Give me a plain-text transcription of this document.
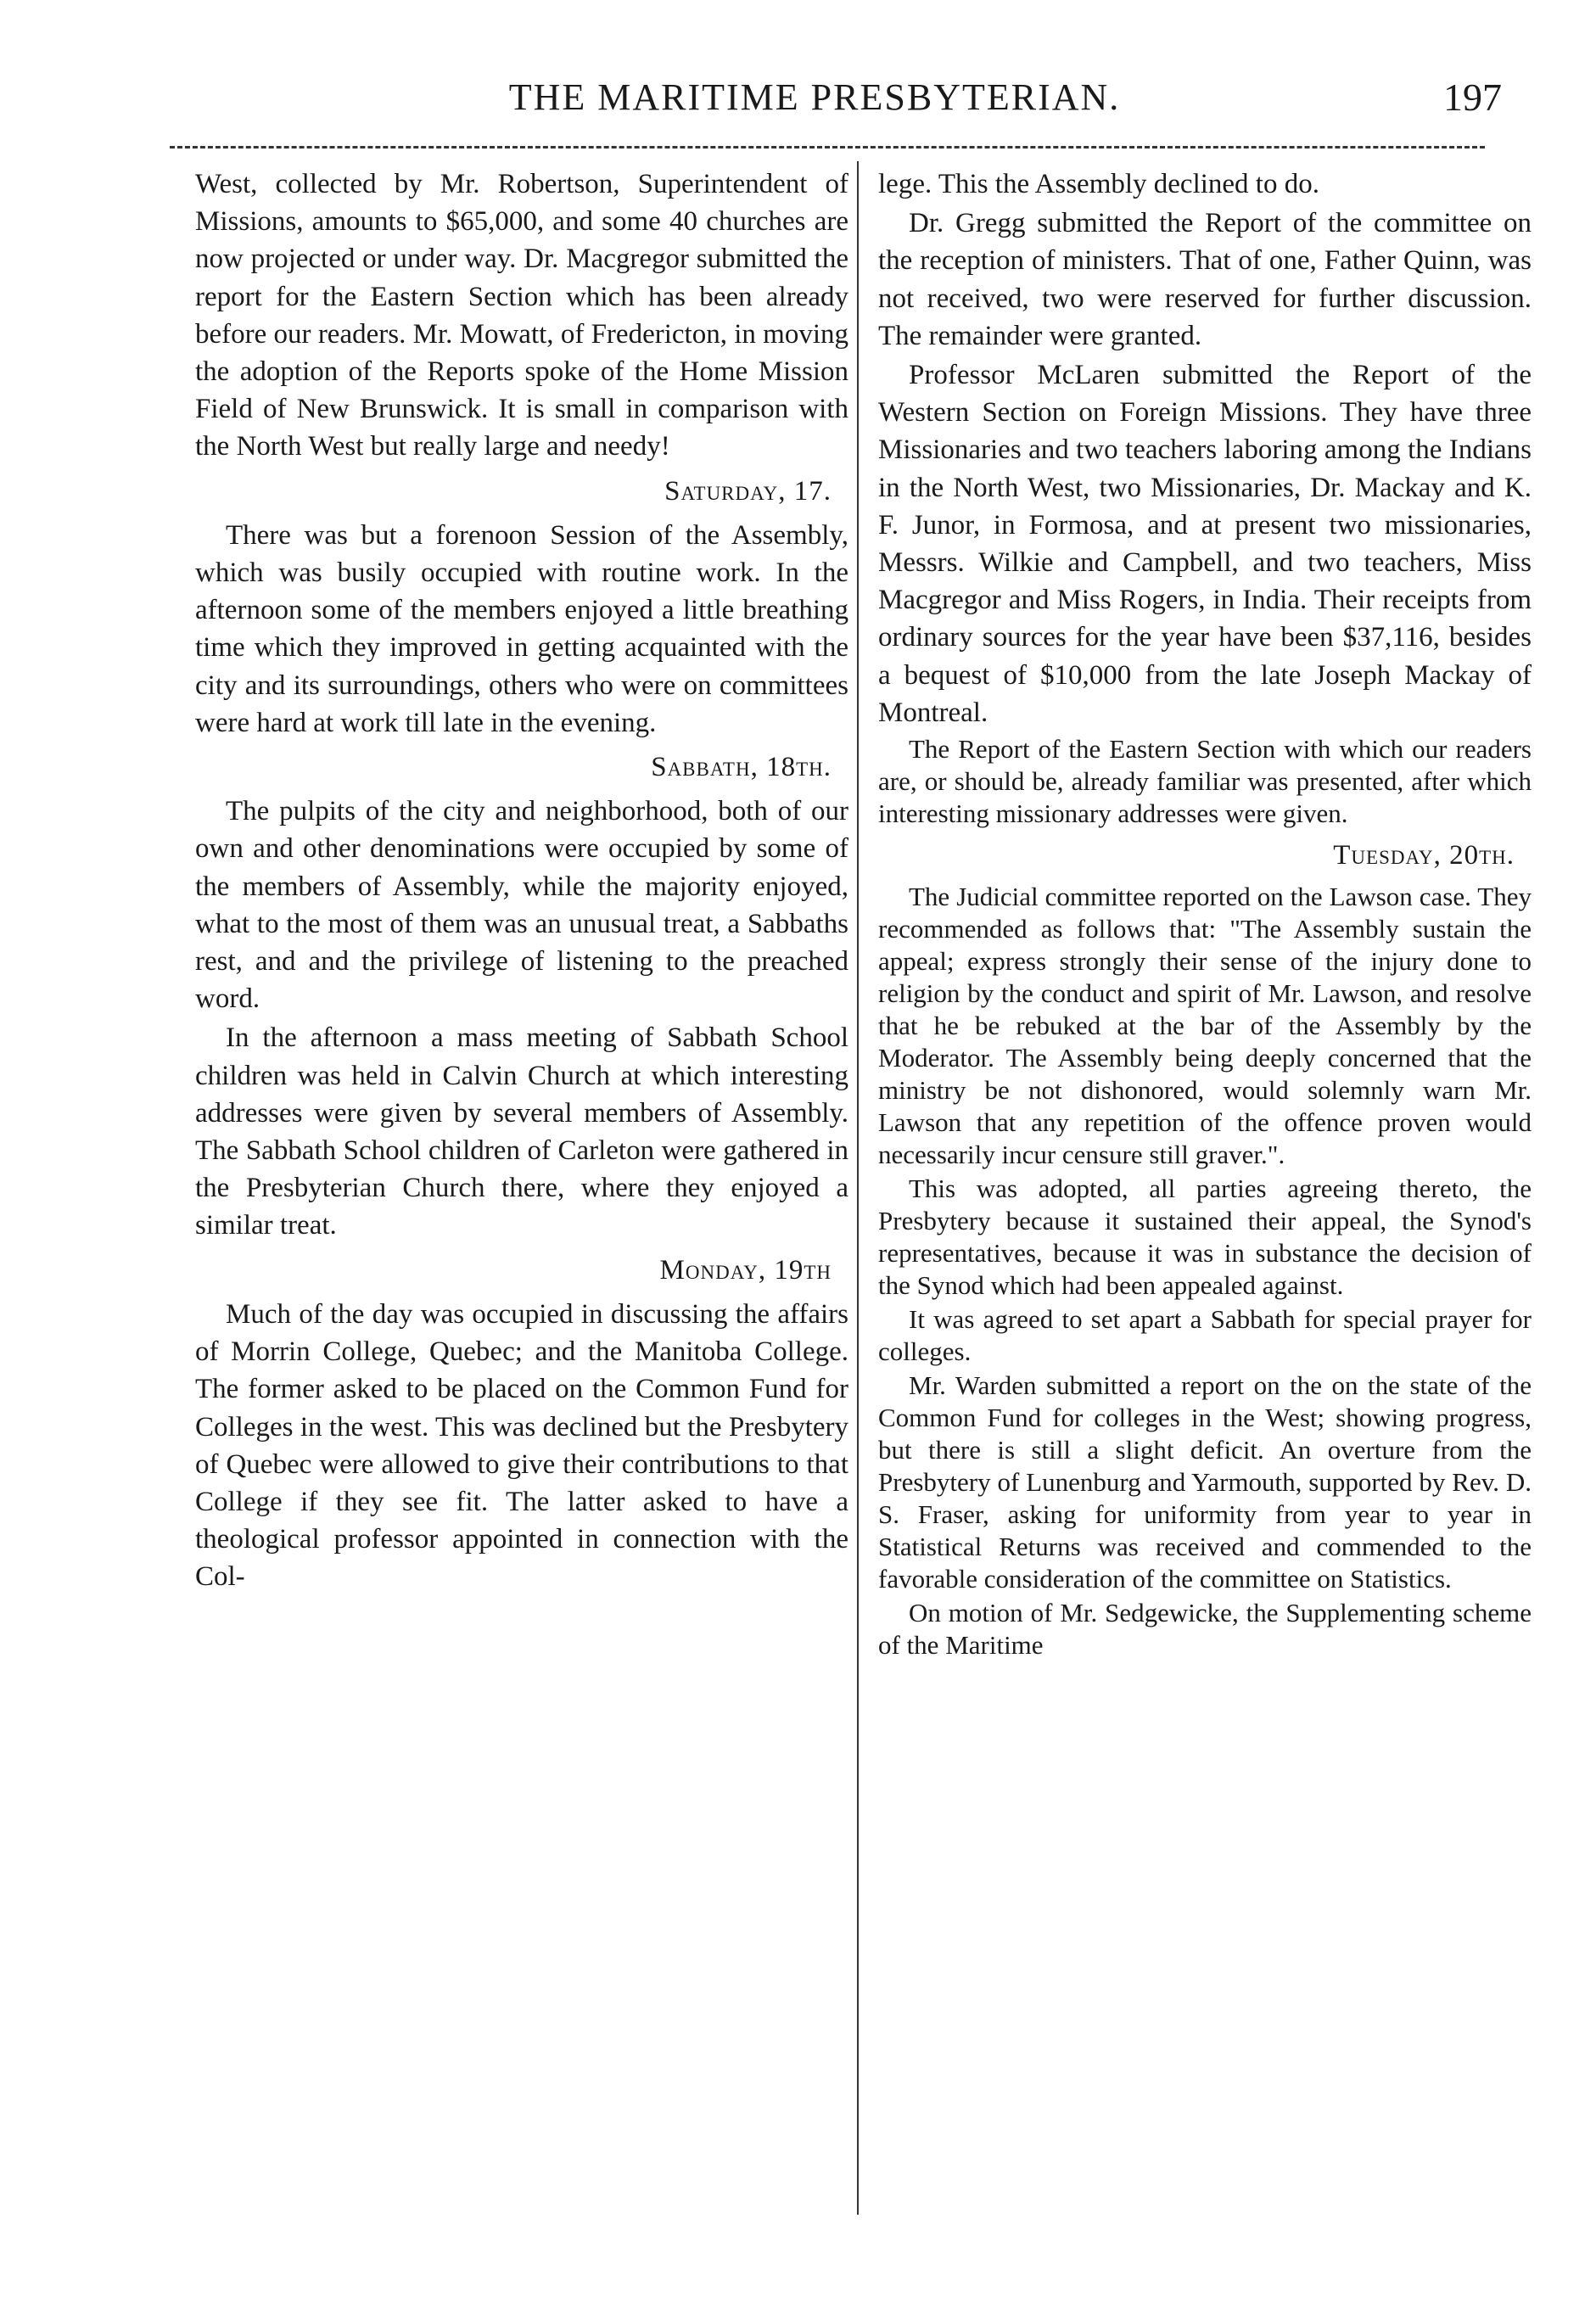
THE MARITIME PRESBYTERIAN.	197

West, collected by Mr. Robertson, Superintendent of Missions, amounts to $65,000, and some 40 churches are now projected or under way. Dr. Macgregor submitted the report for the Eastern Section which has been already before our readers. Mr. Mowatt, of Fredericton, in moving the adoption of the Reports spoke of the Home Mission Field of New Brunswick. It is small in comparison with the North West but really large and needy!

Saturday, 17.

There was but a forenoon Session of the Assembly, which was busily occupied with routine work. In the afternoon some of the members enjoyed a little breathing time which they improved in getting acquainted with the city and its surroundings, others who were on committees were hard at work till late in the evening.

Sabbath, 18th.

The pulpits of the city and neighborhood, both of our own and other denominations were occupied by some of the members of Assembly, while the majority enjoyed, what to the most of them was an unusual treat, a Sabbaths rest, and and the privilege of listening to the preached word.

In the afternoon a mass meeting of Sabbath School children was held in Calvin Church at which interesting addresses were given by several members of Assembly. The Sabbath School children of Carleton were gathered in the Presbyterian Church there, where they enjoyed a similar treat.

Monday, 19th

Much of the day was occupied in discussing the affairs of Morrin College, Quebec; and the Manitoba College. The former asked to be placed on the Common Fund for Colleges in the west. This was declined but the Presbytery of Quebec were allowed to give their contributions to that College if they see fit. The latter asked to have a theological professor appointed in connection with the Col-

lege. This the Assembly declined to do.

Dr. Gregg submitted the Report of the committee on the reception of ministers. That of one, Father Quinn, was not received, two were reserved for further discussion. The remainder were granted.

Professor McLaren submitted the Report of the Western Section on Foreign Missions. They have three Missionaries and two teachers laboring among the Indians in the North West, two Missionaries, Dr. Mackay and K. F. Junor, in Formosa, and at present two missionaries, Messrs. Wilkie and Campbell, and two teachers, Miss Macgregor and Miss Rogers, in India. Their receipts from ordinary sources for the year have been $37,116, besides a bequest of $10,000 from the late Joseph Mackay of Montreal.

The Report of the Eastern Section with which our readers are, or should be, already familiar was presented, after which interesting missionary addresses were given.

Tuesday, 20th.

The Judicial committee reported on the Lawson case. They recommended as follows that: "The Assembly sustain the appeal; express strongly their sense of the injury done to religion by the conduct and spirit of Mr. Lawson, and resolve that he be rebuked at the bar of the Assembly by the Moderator. The Assembly being deeply concerned that the ministry be not dishonored, would solemnly warn Mr. Lawson that any repetition of the offence proven would necessarily incur censure still graver.".

This was adopted, all parties agreeing thereto, the Presbytery because it sustained their appeal, the Synod's representatives, because it was in substance the decision of the Synod which had been appealed against.

It was agreed to set apart a Sabbath for special prayer for colleges.

Mr. Warden submitted a report on the on the state of the Common Fund for colleges in the West; showing progress, but there is still a slight deficit. An overture from the Presbytery of Lunenburg and Yarmouth, supported by Rev. D. S. Fraser, asking for uniformity from year to year in Statistical Returns was received and commended to the favorable consideration of the committee on Statistics.

On motion of Mr. Sedgewicke, the Supplementing scheme of the Maritime
